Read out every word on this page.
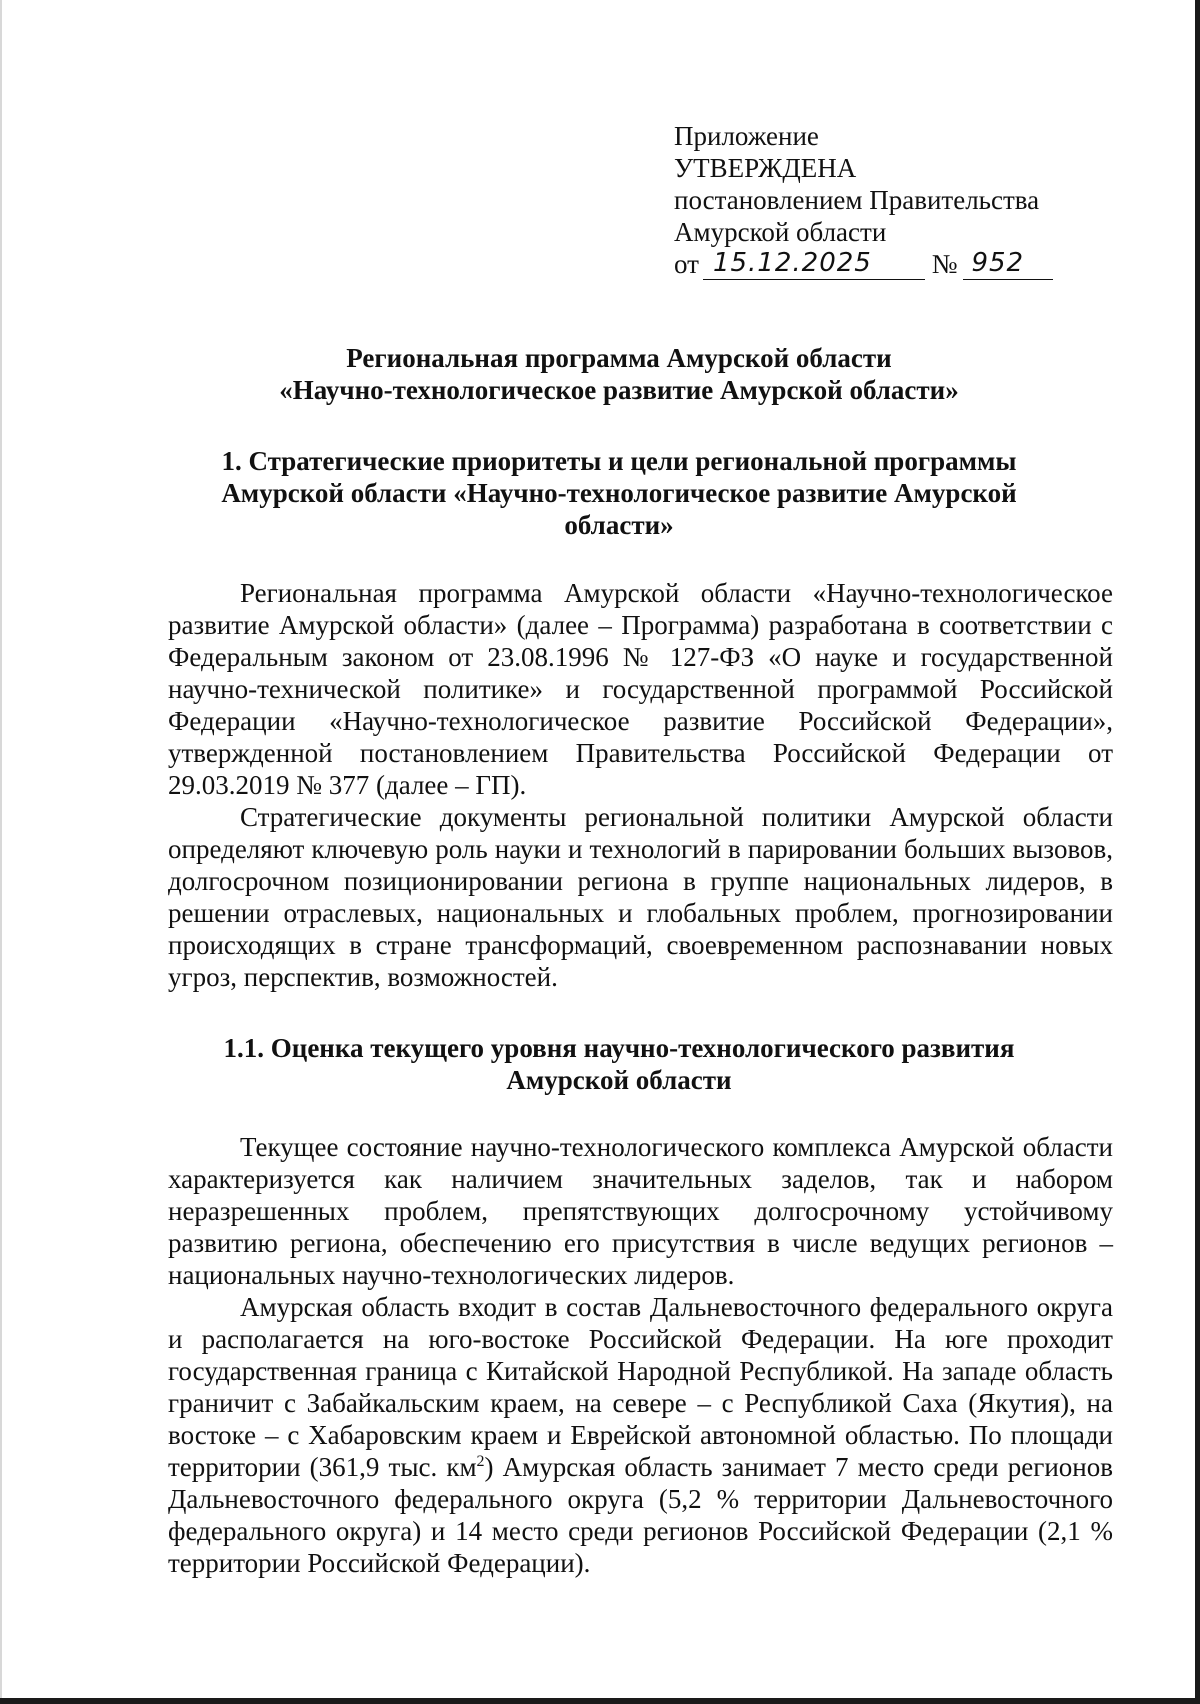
Приложение
УТВЕРЖДЕНА
постановлением Правительства
Амурской области
от 15.12.2025 № 952
Региональная программа Амурской области
«Научно-технологическое развитие Амурской области»
1. Стратегические приоритеты и цели региональной программы
Амурской области «Научно-технологическое развитие Амурской
области»

Региональная программа Амурской области «Научно-технологическое развитие Амурской области» (далее – Программа) разработана в соответствии с Федеральным законом от 23.08.1996 № 127-ФЗ «О науке и государственной научно-технической политике» и государственной программой Российской Федерации «Научно-технологическое развитие Российской Федерации», утвержденной постановлением Правительства Российской Федерации от 29.03.2019 № 377 (далее – ГП).

Стратегические документы региональной политики Амурской области определяют ключевую роль науки и технологий в парировании больших вызовов, долгосрочном позиционировании региона в группе национальных лидеров, в решении отраслевых, национальных и глобальных проблем, прогнозировании происходящих в стране трансформаций, своевременном распознавании новых угроз, перспектив, возможностей.

1.1. Оценка текущего уровня научно-технологического развития
Амурской области

Текущее состояние научно-технологического комплекса Амурской области характеризуется как наличием значительных заделов, так и набором неразрешенных проблем, препятствующих долгосрочному устойчивому развитию региона, обеспечению его присутствия в числе ведущих регионов – национальных научно-технологических лидеров.

Амурская область входит в состав Дальневосточного федерального округа и располагается на юго-востоке Российской Федерации. На юге проходит государственная граница с Китайской Народной Республикой. На западе область граничит с Забайкальским краем, на севере – с Республикой Саха (Якутия), на востоке – с Хабаровским краем и Еврейской автономной областью. По площади территории (361,9 тыс. $км^2$) Амурская область занимает 7 место среди регионов Дальневосточного федерального округа (5,2 % территории Дальневосточного федерального округа) и 14 место среди регионов Российской Федерации (2,1 % территории Российской Федерации).
